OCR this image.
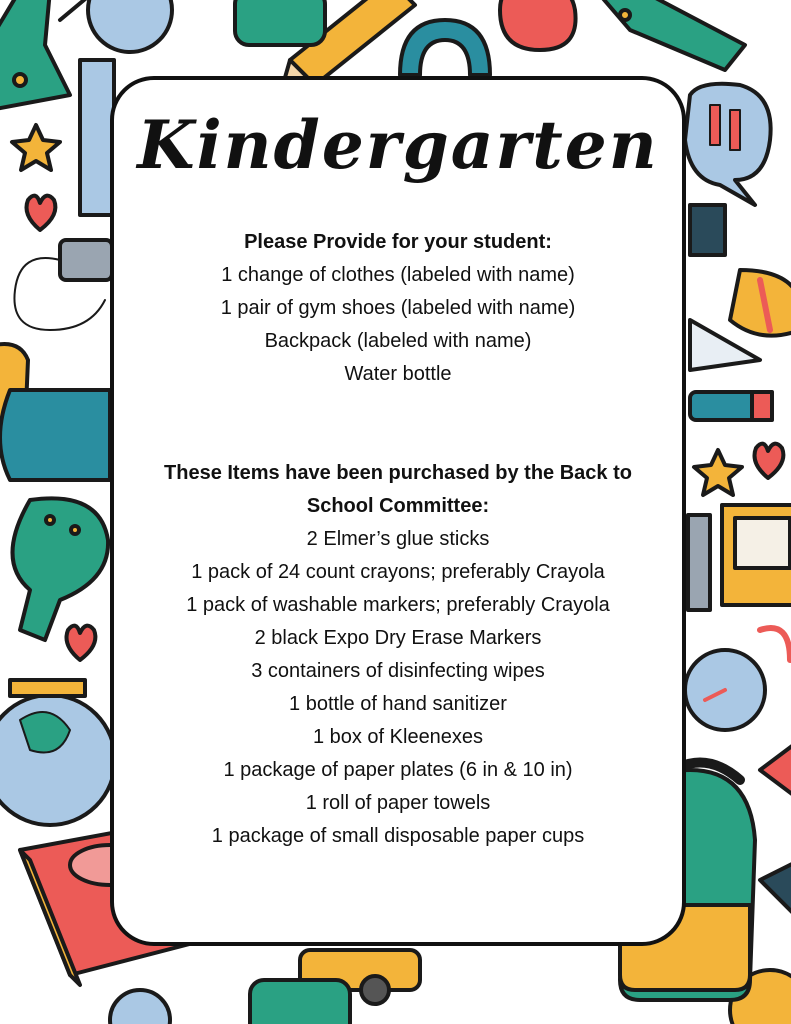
Kindergarten
Please Provide for your student:
1 change of clothes (labeled with name)
1 pair of gym shoes (labeled with name)
Backpack (labeled with name)
Water bottle
These Items have been purchased by the Back to
School Committee:
2 Elmer’s glue sticks
1 pack of 24 count crayons; preferably Crayola
1 pack of washable markers; preferably Crayola
2 black Expo Dry Erase Markers
3 containers of disinfecting wipes
1 bottle of hand sanitizer
1 box of Kleenexes
1 package of paper plates (6 in & 10 in)
1 roll of paper towels
1 package of small disposable paper cups
